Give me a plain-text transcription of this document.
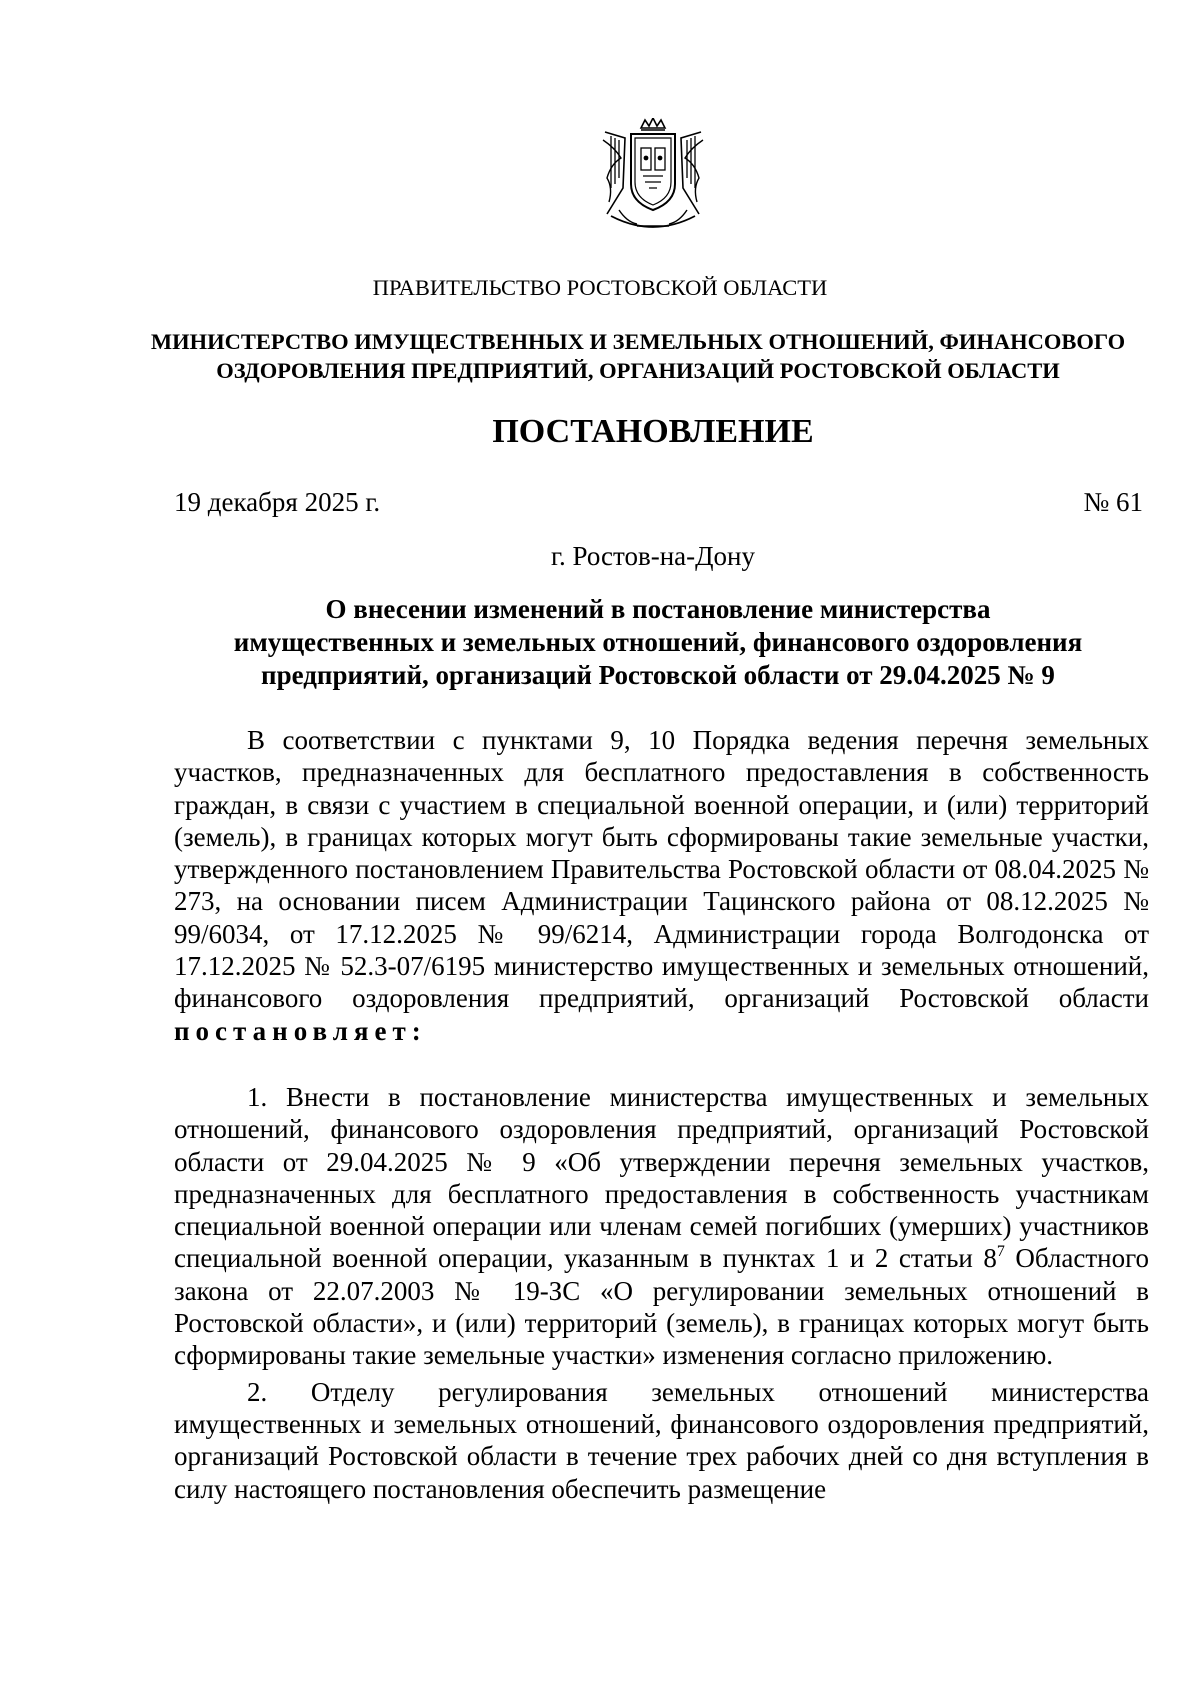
ПРАВИТЕЛЬСТВО РОСТОВСКОЙ ОБЛАСТИ
МИНИСТЕРСТВО ИМУЩЕСТВЕННЫХ И ЗЕМЕЛЬНЫХ ОТНОШЕНИЙ, ФИНАНСОВОГО
ОЗДОРОВЛЕНИЯ ПРЕДПРИЯТИЙ, ОРГАНИЗАЦИЙ РОСТОВСКОЙ ОБЛАСТИ
ПОСТАНОВЛЕНИЕ
19 декабря 2025 г.	№ 61
г. Ростов-на-Дону
О внесении изменений в постановление министерства
имущественных и земельных отношений, финансового оздоровления
предприятий, организаций Ростовской области от 29.04.2025 № 9

В соответствии с пунктами 9, 10 Порядка ведения перечня земельных участков, предназначенных для бесплатного предоставления в собственность граждан, в связи с участием в специальной военной операции, и (или) территорий (земель), в границах которых могут быть сформированы такие земельные участки, утвержденного постановлением Правительства Ростовской области от 08.04.2025 № 273, на основании писем Администрации Тацинского района от 08.12.2025 № 99/6034, от 17.12.2025 № 99/6214, Администрации города Волгодонска от 17.12.2025 № 52.3-07/6195 министерство имущественных и земельных отношений, финансового оздоровления предприятий, организаций Ростовской области постановляет:

1. Внести в постановление министерства имущественных и земельных отношений, финансового оздоровления предприятий, организаций Ростовской области от 29.04.2025 № 9 «Об утверждении перечня земельных участков, предназначенных для бесплатного предоставления в собственность участникам специальной военной операции или членам семей погибших (умерших) участников специальной военной операции, указанным в пунктах 1 и 2 статьи $8^7$ Областного закона от 22.07.2003 № 19-ЗС «О регулировании земельных отношений в Ростовской области», и (или) территорий (земель), в границах которых могут быть сформированы такие земельные участки» изменения согласно приложению.

2. Отделу регулирования земельных отношений министерства имущественных и земельных отношений, финансового оздоровления предприятий, организаций Ростовской области в течение трех рабочих дней со дня вступления в силу настоящего постановления обеспечить размещение
